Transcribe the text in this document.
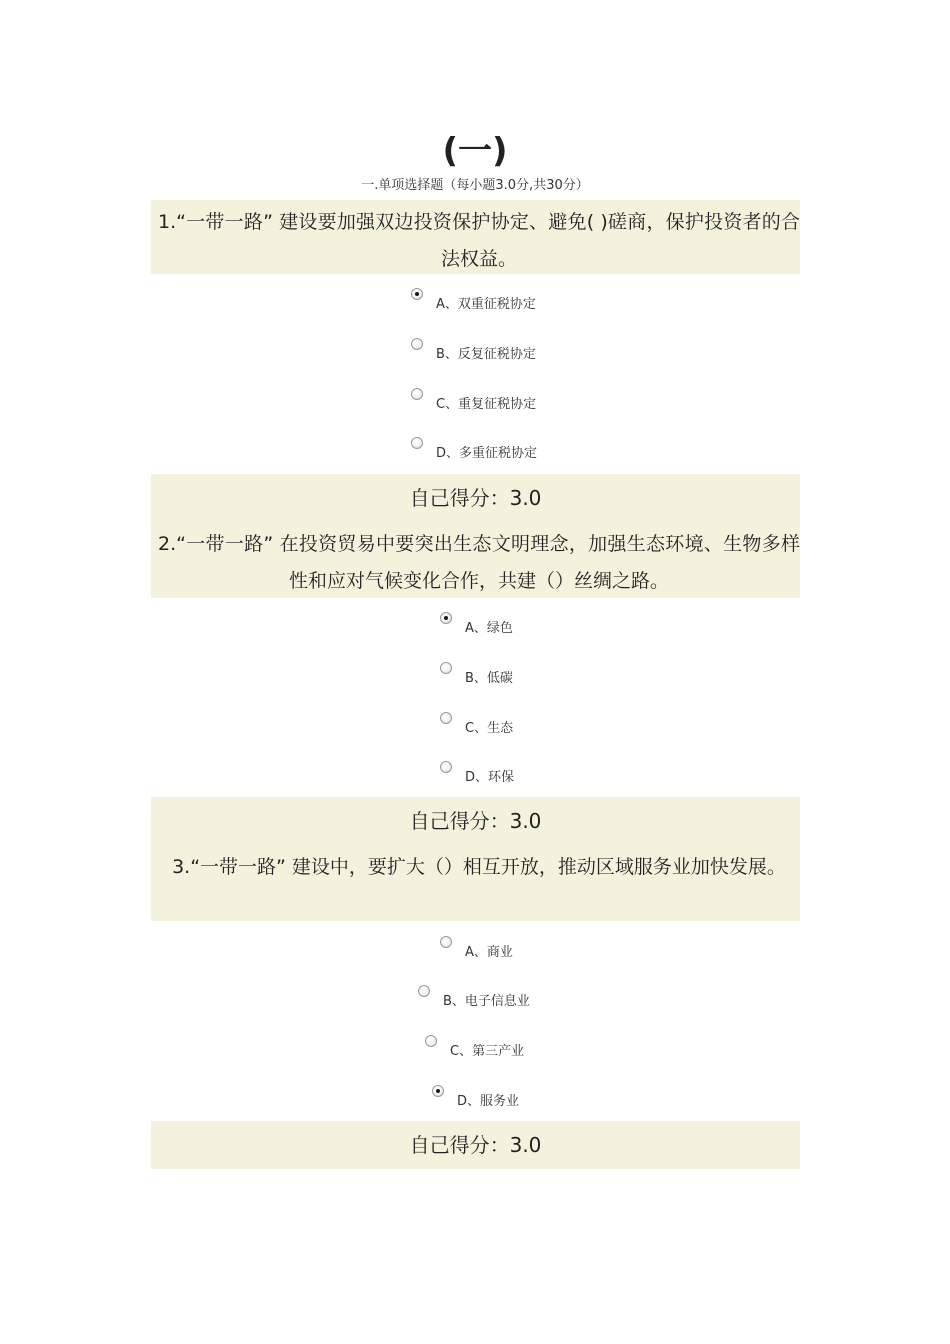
(一)
一.单项选择题（每小题3.0分,共30分）
1.“一带一路” 建设要加强双边投资保护协定、避免( )磋商，保护投资者的合法权益。
A、双重征税协定
B、反复征税协定
C、重复征税协定
D、多重征税协定
自己得分：3.0
2.“一带一路” 在投资贸易中要突出生态文明理念，加强生态环境、生物多样性和应对气候变化合作，共建（）丝绸之路。
A、绿色
B、低碳
C、生态
D、环保
自己得分：3.0
3.“一带一路” 建设中，要扩大（）相互开放，推动区域服务业加快发展。
A、商业
B、电子信息业
C、第三产业
D、服务业
自己得分：3.0
